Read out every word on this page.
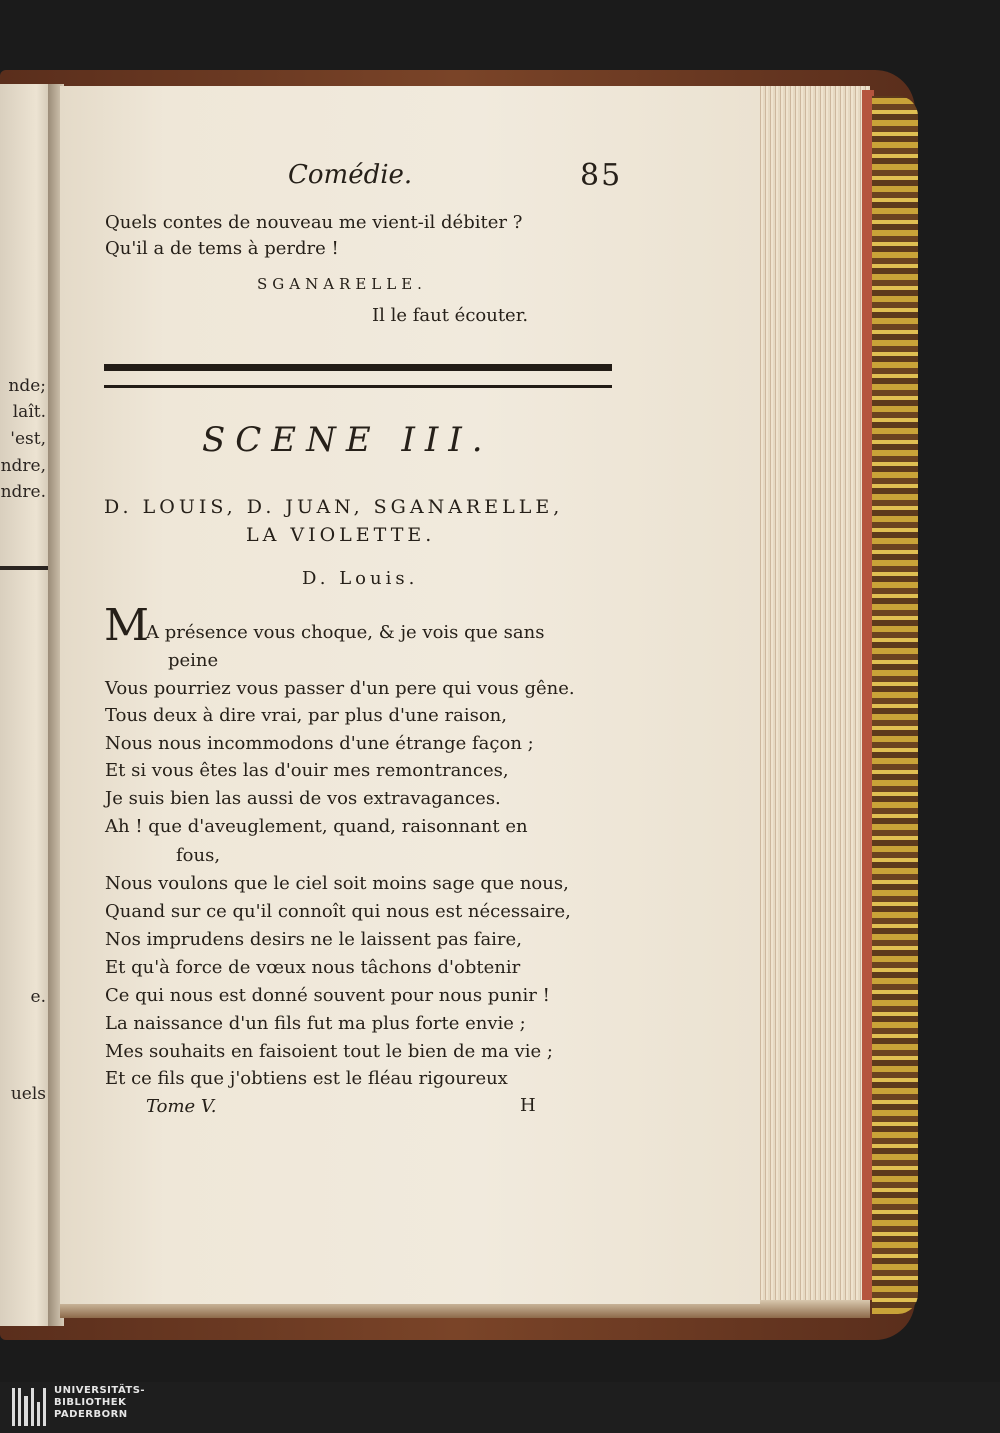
nde;
laît.
'est,
ndre,
ndre.
e.
uels
Comédie.	85
Quels contes de nouveau me vient-il débiter ?
Qu'il a de tems à perdre !
SGANARELLE.
Il le faut écouter.
SCENE III.
D. LOUIS, D. JUAN, SGANARELLE,
LA VIOLETTE.
D. Louis.
M
A présence vous choque, & je vois que sans
peine
Vous pourriez vous passer d'un pere qui vous gêne.
Tous deux à dire vrai, par plus d'une raison,
Nous nous incommodons d'une étrange façon ;
Et si vous êtes las d'ouir mes remontrances,
Je suis bien las aussi de vos extravagances.
Ah ! que d'aveuglement, quand, raisonnant en
fous,
Nous voulons que le ciel soit moins sage que nous,
Quand sur ce qu'il connoît qui nous est nécessaire,
Nos imprudens desirs ne le laissent pas faire,
Et qu'à force de vœux nous tâchons d'obtenir
Ce qui nous est donné souvent pour nous punir !
La naissance d'un fils fut ma plus forte envie ;
Mes souhaits en faisoient tout le bien de ma vie ;
Et ce fils que j'obtiens est le fléau rigoureux
Tome V.	H
UNIVERSITÄTS-
BIBLIOTHEK
PADERBORN
